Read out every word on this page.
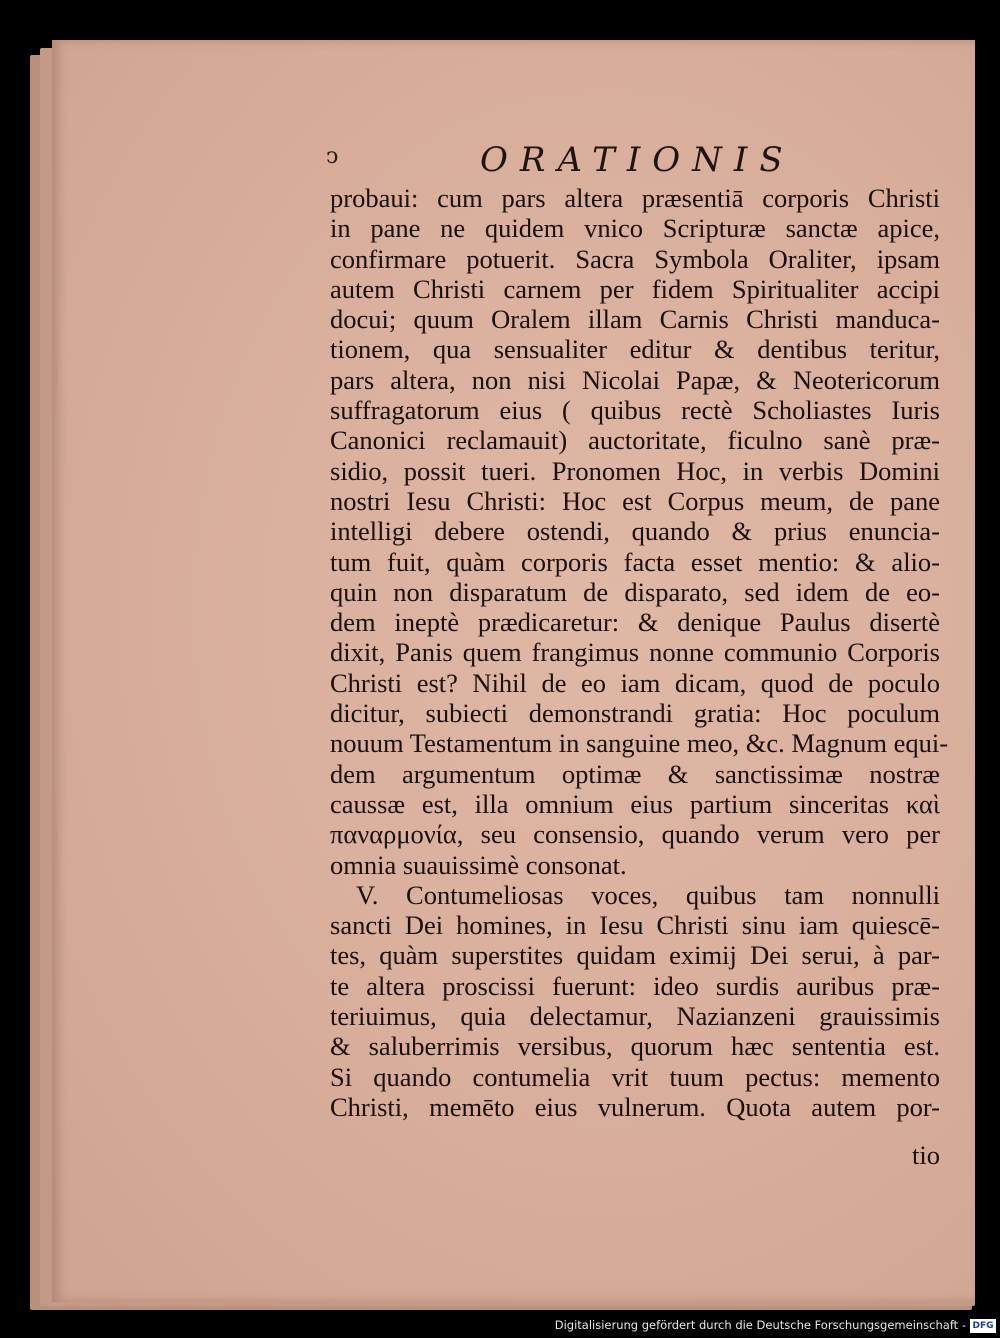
ↄ	ORATIONIS
probaui: cum pars altera præsentiā corporis Christi
in pane ne quidem vnico Scripturæ sanctæ apice,
confirmare potuerit. Sacra Symbola Oraliter, ipsam
autem Christi carnem per fidem Spiritualiter accipi
docui; quum Oralem illam Carnis Christi manduca-
tionem, qua sensualiter editur & dentibus teritur,
pars altera, non nisi Nicolai Papæ, & Neotericorum
suffragatorum eius ( quibus rectè Scholiastes Iuris
Canonici reclamauit) auctoritate, ficulno sanè præ-
sidio, possit tueri. Pronomen Hoc, in verbis Domini
nostri Iesu Christi: Hoc est Corpus meum, de pane
intelligi debere ostendi, quando & prius enuncia-
tum fuit, quàm corporis facta esset mentio: & alio-
quin non disparatum de disparato, sed idem de eo-
dem ineptè prædicaretur: & denique Paulus disertè
dixit, Panis quem frangimus nonne communio Corporis
Christi est? Nihil de eo iam dicam, quod de poculo
dicitur, subiecti demonstrandi gratia: Hoc poculum
nouum Testamentum in sanguine meo, &c. Magnum equi-
dem argumentum optimæ & sanctissimæ nostræ
caussæ est, illa omnium eius partium sinceritas καὶ
παναρμονία, seu consensio, quando verum vero per
omnia suauissimè consonat.
V. Contumeliosas voces, quibus tam nonnulli
sancti Dei homines, in Iesu Christi sinu iam quiescē-
tes, quàm superstites quidam eximij Dei serui, à par-
te altera proscissi fuerunt: ideo surdis auribus præ-
teriuimus, quia delectamur, Nazianzeni grauissimis
& saluberrimis versibus, quorum hæc sententia est.
Si quando contumelia vrit tuum pectus: memento
Christi, memēto eius vulnerum. Quota autem por-
tio
Digitalisierung gefördert durch die Deutsche Forschungsgemeinschaft - DFG
